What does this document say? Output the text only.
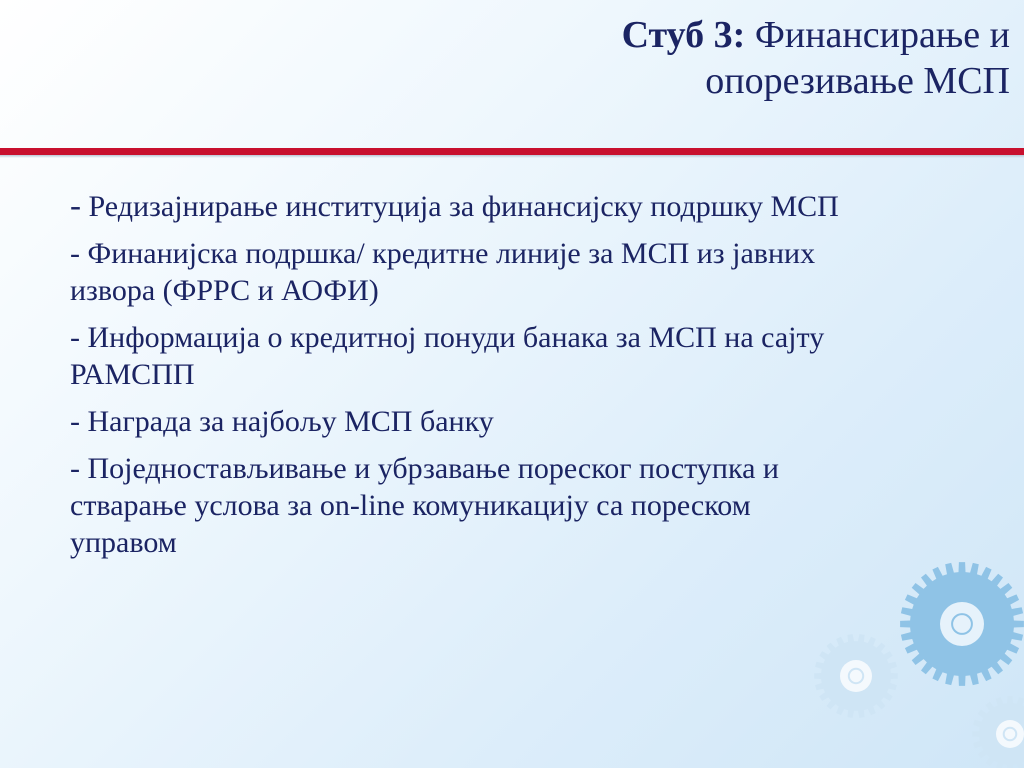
Стуб 3: Финансирање и
опорезивање МСП
- Редизајнирање институција за финансијску подршку МСП
- Финанијска подршка/ кредитне линије за МСП из јавних извора (ФРРС и АОФИ)
- Информација о кредитној понуди банака за МСП на сајту РАМСПП
- Награда за најбољу МСП банку
- Поједностављивање и убрзавање пореског поступка и стварање услова за on-line комуникацију са пореском управом
